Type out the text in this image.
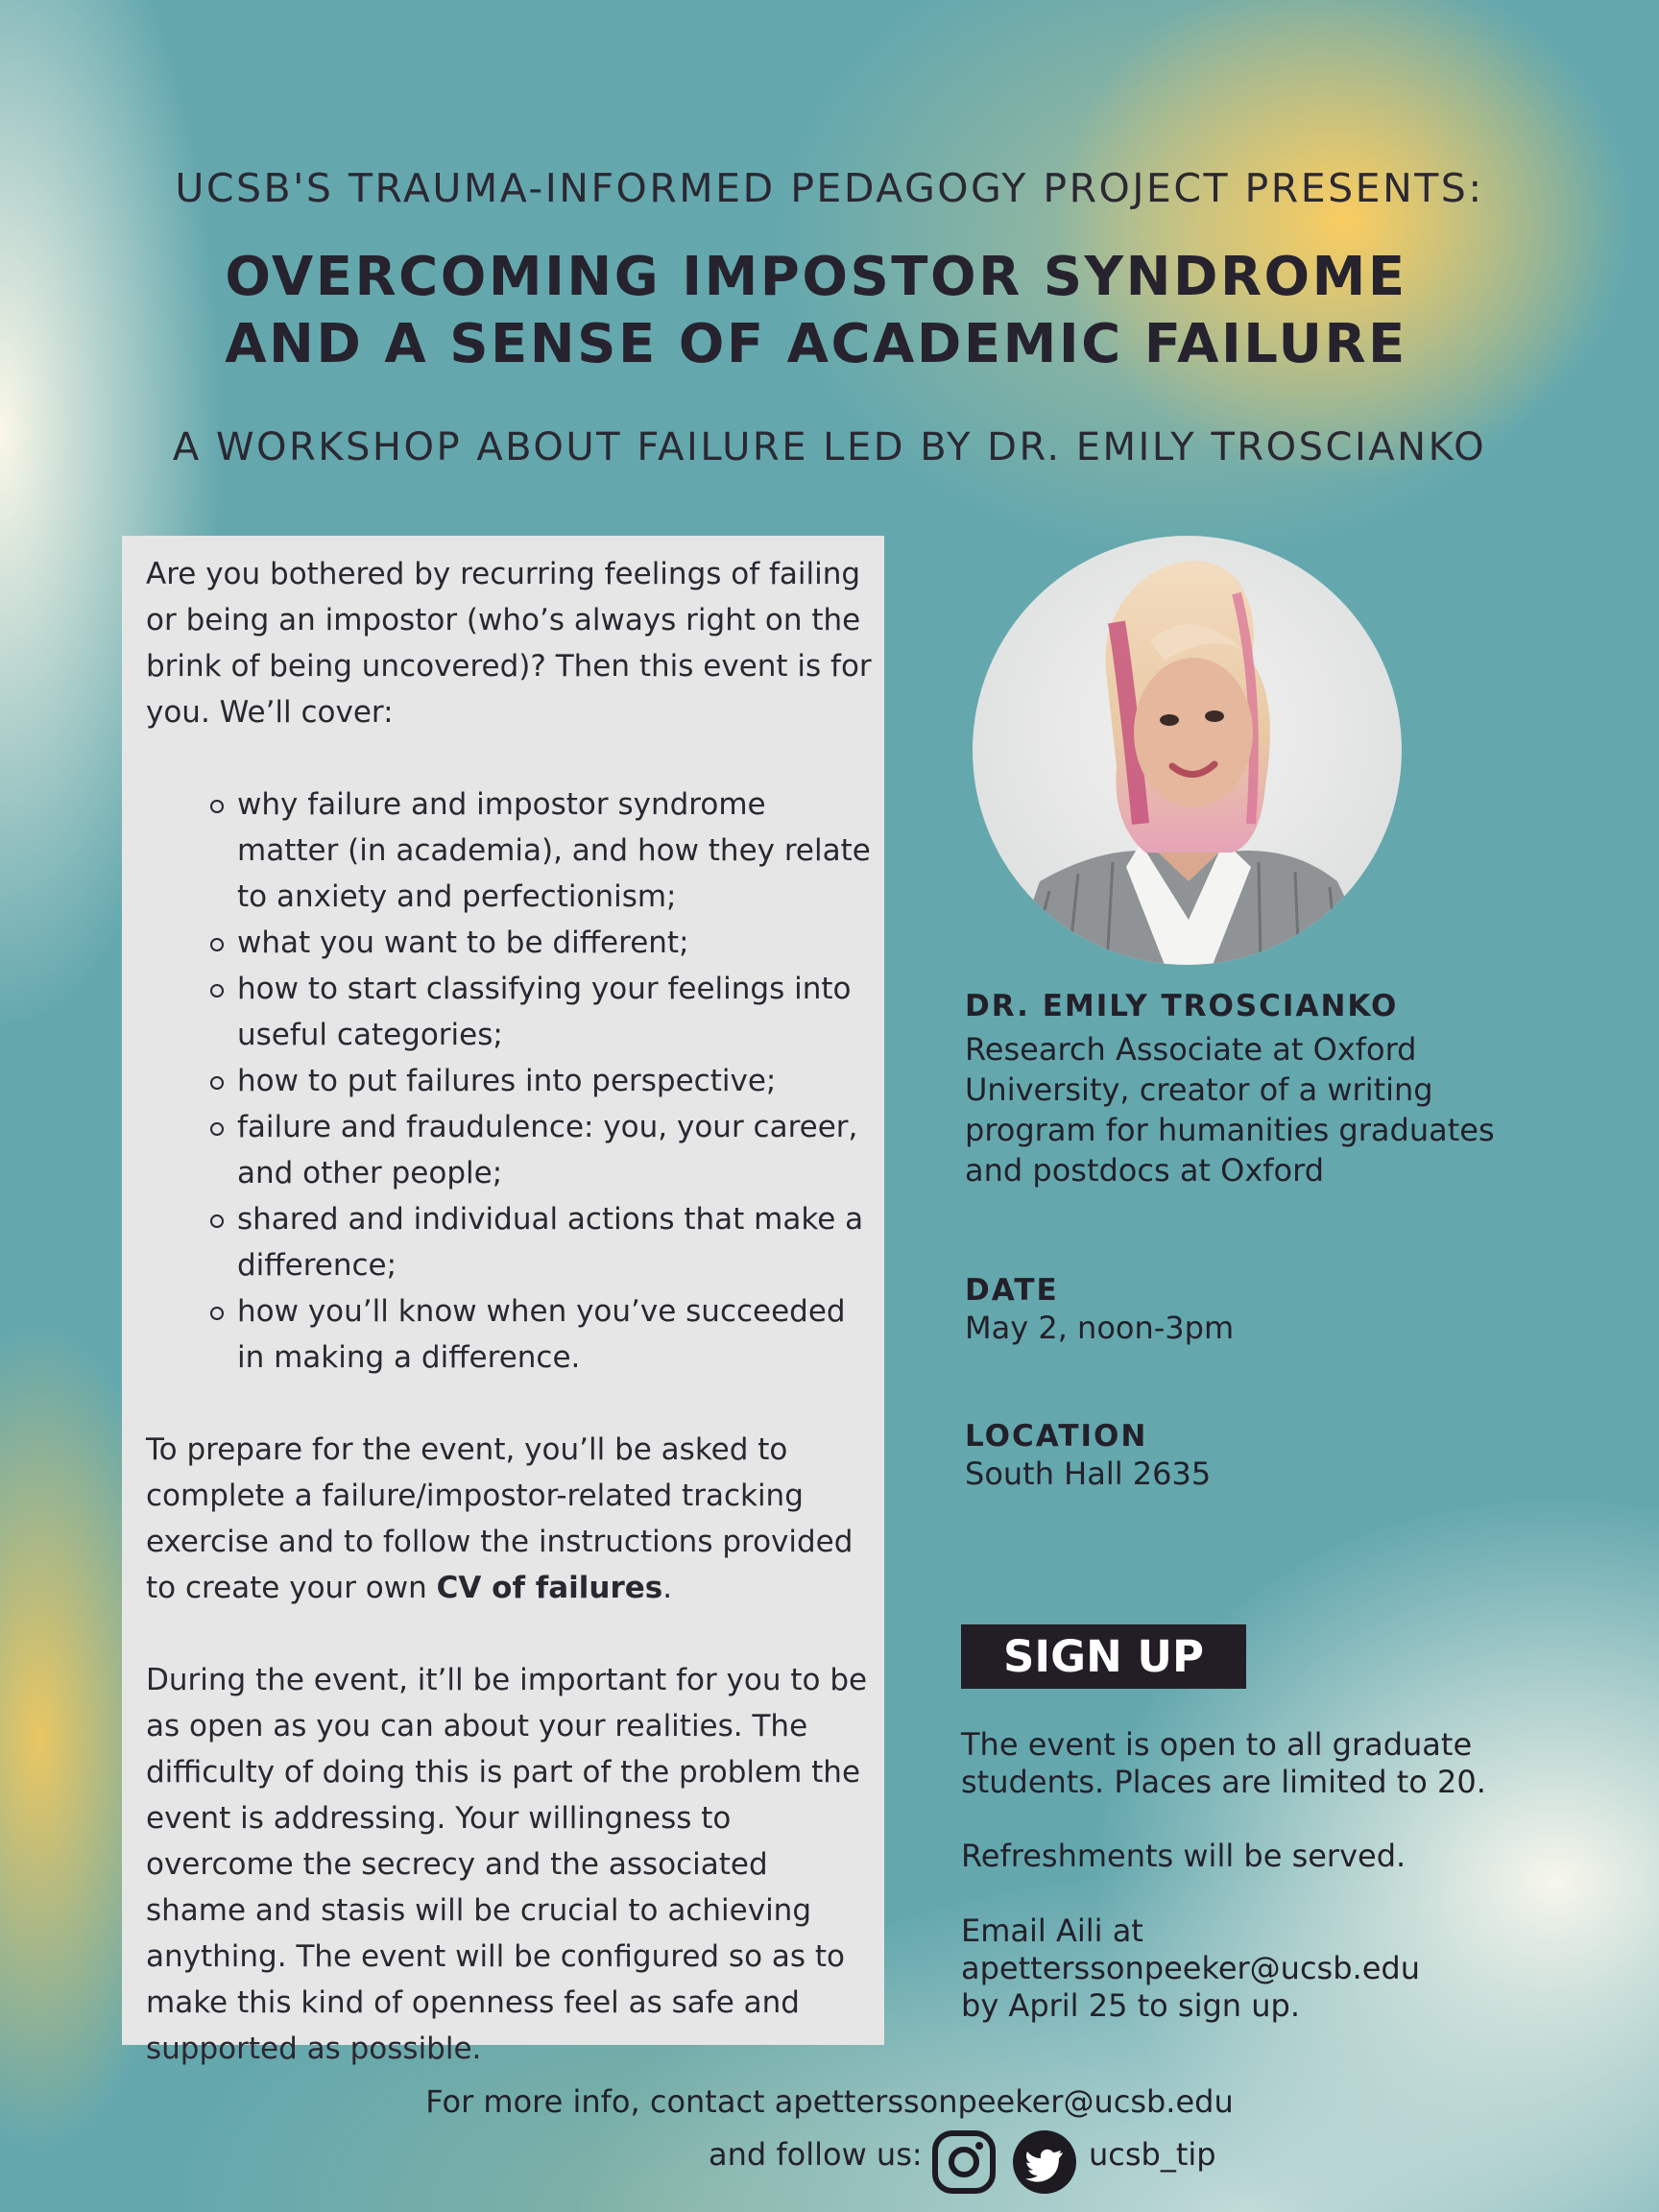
UCSB'S TRAUMA-INFORMED PEDAGOGY PROJECT PRESENTS:
OVERCOMING IMPOSTOR SYNDROME
AND A SENSE OF ACADEMIC FAILURE
A WORKSHOP ABOUT FAILURE LED BY DR. EMILY TROSCIANKO

Are you bothered by recurring feelings of failing or being an impostor (who’s always right on the brink of being uncovered)? Then this event is for you. We’ll cover:

why failure and impostor syndrome matter (in academia), and how they relate to anxiety and perfectionism;
what you want to be different;
how to start classifying your feelings into useful categories;
how to put failures into perspective;
failure and fraudulence: you, your career, and other people;
shared and individual actions that make a difference;
how you’ll know when you’ve succeeded in making a difference.

To prepare for the event, you’ll be asked to complete a failure/impostor-related tracking exercise and to follow the instructions provided to create your own CV of failures.

During the event, it’ll be important for you to be as open as you can about your realities. The difficulty of doing this is part of the problem the event is addressing. Your willingness to overcome the secrecy and the associated shame and stasis will be crucial to achieving anything. The event will be configured so as to make this kind of openness feel as safe and supported as possible.

DR. EMILY TROSCIANKO
Research Associate at Oxford University, creator of a writing program for humanities graduates and postdocs at Oxford
DATE
May 2, noon-3pm
LOCATION
South Hall 2635
SIGN UP
The event is open to all graduate students. Places are limited to 20.
Refreshments will be served.
Email Aili at
apetterssonpeeker@ucsb.edu
by April 25 to sign up.
For more info, contact apetterssonpeeker@ucsb.edu
and follow us:	ucsb_tip
